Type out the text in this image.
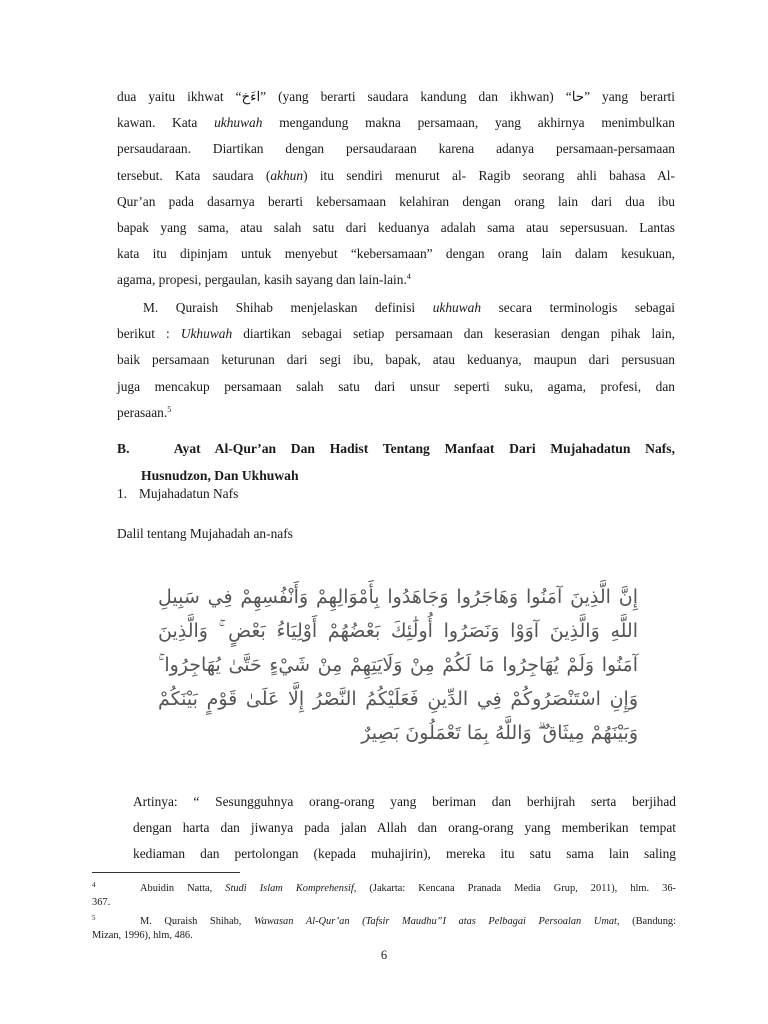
dua yaitu ikhwat “اءَخ” (yang berarti saudara kandung dan ikhwan) “حا” yang berarti
kawan. Kata ukhuwah mengandung makna persamaan, yang akhirnya menimbulkan
persaudaraan. Diartikan dengan persaudaraan karena adanya persamaan-persamaan
tersebut. Kata saudara (akhun) itu sendiri menurut al- Ragib seorang ahli bahasa Al-
Qur’an pada dasarnya berarti kebersamaan kelahiran dengan orang lain dari dua ibu
bapak yang sama, atau salah satu dari keduanya adalah sama atau sepersusuan. Lantas
kata itu dipinjam untuk menyebut “kebersamaan” dengan orang lain dalam kesukuan,
agama, propesi, pergaulan, kasih sayang dan lain-lain.$^4$

M. Quraish Shihab menjelaskan definisi ukhuwah secara terminologis sebagai
berikut : Ukhuwah diartikan sebagai setiap persamaan dan keserasian dengan pihak lain,
baik persamaan keturunan dari segi ibu, bapak, atau keduanya, maupun dari persusuan
juga mencakup persamaan salah satu dari unsur seperti suku, agama, profesi, dan
perasaan.$^5$

B.	Ayat Al-Qur’an Dan Hadist Tentang Manfaat Dari Mujahadatun Nafs,
Husnudzon, Dan Ukhuwah
1. Mujahadatun Nafs
Dalil tentang Mujahadah an-nafs
إِنَّ الَّذِينَ آمَنُوا وَهَاجَرُوا وَجَاهَدُوا بِأَمْوَالِهِمْ وَأَنْفُسِهِمْ فِي سَبِيلِ
اللَّهِ وَالَّذِينَ آوَوْا وَنَصَرُوا أُولَٰئِكَ بَعْضُهُمْ أَوْلِيَاءُ بَعْضٍ ۚ وَالَّذِينَ
آمَنُوا وَلَمْ يُهَاجِرُوا مَا لَكُمْ مِنْ وَلَايَتِهِمْ مِنْ شَيْءٍ حَتَّىٰ يُهَاجِرُوا ۚ
وَإِنِ اسْتَنْصَرُوكُمْ فِي الدِّينِ فَعَلَيْكُمُ النَّصْرُ إِلَّا عَلَىٰ قَوْمٍ بَيْنَكُمْ
وَبَيْنَهُمْ مِيثَاقٌ ۗ وَاللَّهُ بِمَا تَعْمَلُونَ بَصِيرٌ
Artinya: “ Sesungguhnya orang-orang yang beriman dan berhijrah serta berjihad
dengan harta dan jiwanya pada jalan Allah dan orang-orang yang memberikan tempat
kediaman dan pertolongan (kepada muhajirin), mereka itu satu sama lain saling
4	Abuidin Natta, Studi Islam Komprehensif, (Jakarta: Kencana Pranada Media Grup, 2011), hlm. 36-
367.
5	M. Quraish Shihab, Wawasan Al-Qur’an (Tafsir Maudhu”I atas Pelbagai Persoalan Umat, (Bandung:
Mizan, 1996), hlm, 486.
6
